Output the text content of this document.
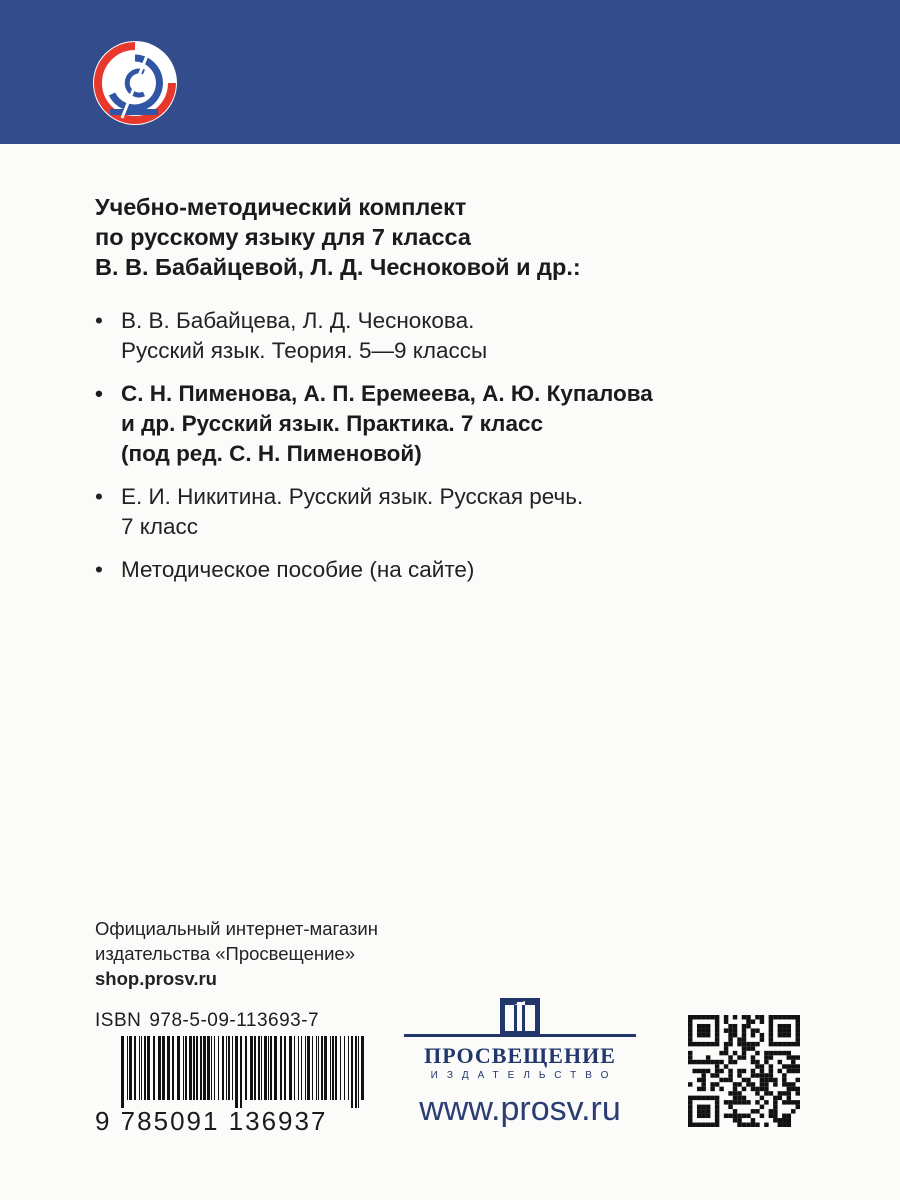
Учебно-методический комплект
по русскому языку для 7 класса
В. В. Бабайцевой, Л. Д. Чесноковой и др.:
• В. В. Бабайцева, Л. Д. Чеснокова.
Русский язык. Теория. 5—9 классы
• С. Н. Пименова, А. П. Еремеева, А. Ю. Купалова
и др. Русский язык. Практика. 7 класс
(под ред. С. Н. Пименовой)
• Е. И. Никитина. Русский язык. Русская речь.
7 класс
• Методическое пособие (на сайте)
Официальный интернет-магазин
издательства «Просвещение»
shop.prosv.ru
ISBN 978-5-09-113693-7
9 785091 136937
ПРОСВЕЩЕНИЕ
ИЗДАТЕЛЬСТВО
www.prosv.ru
